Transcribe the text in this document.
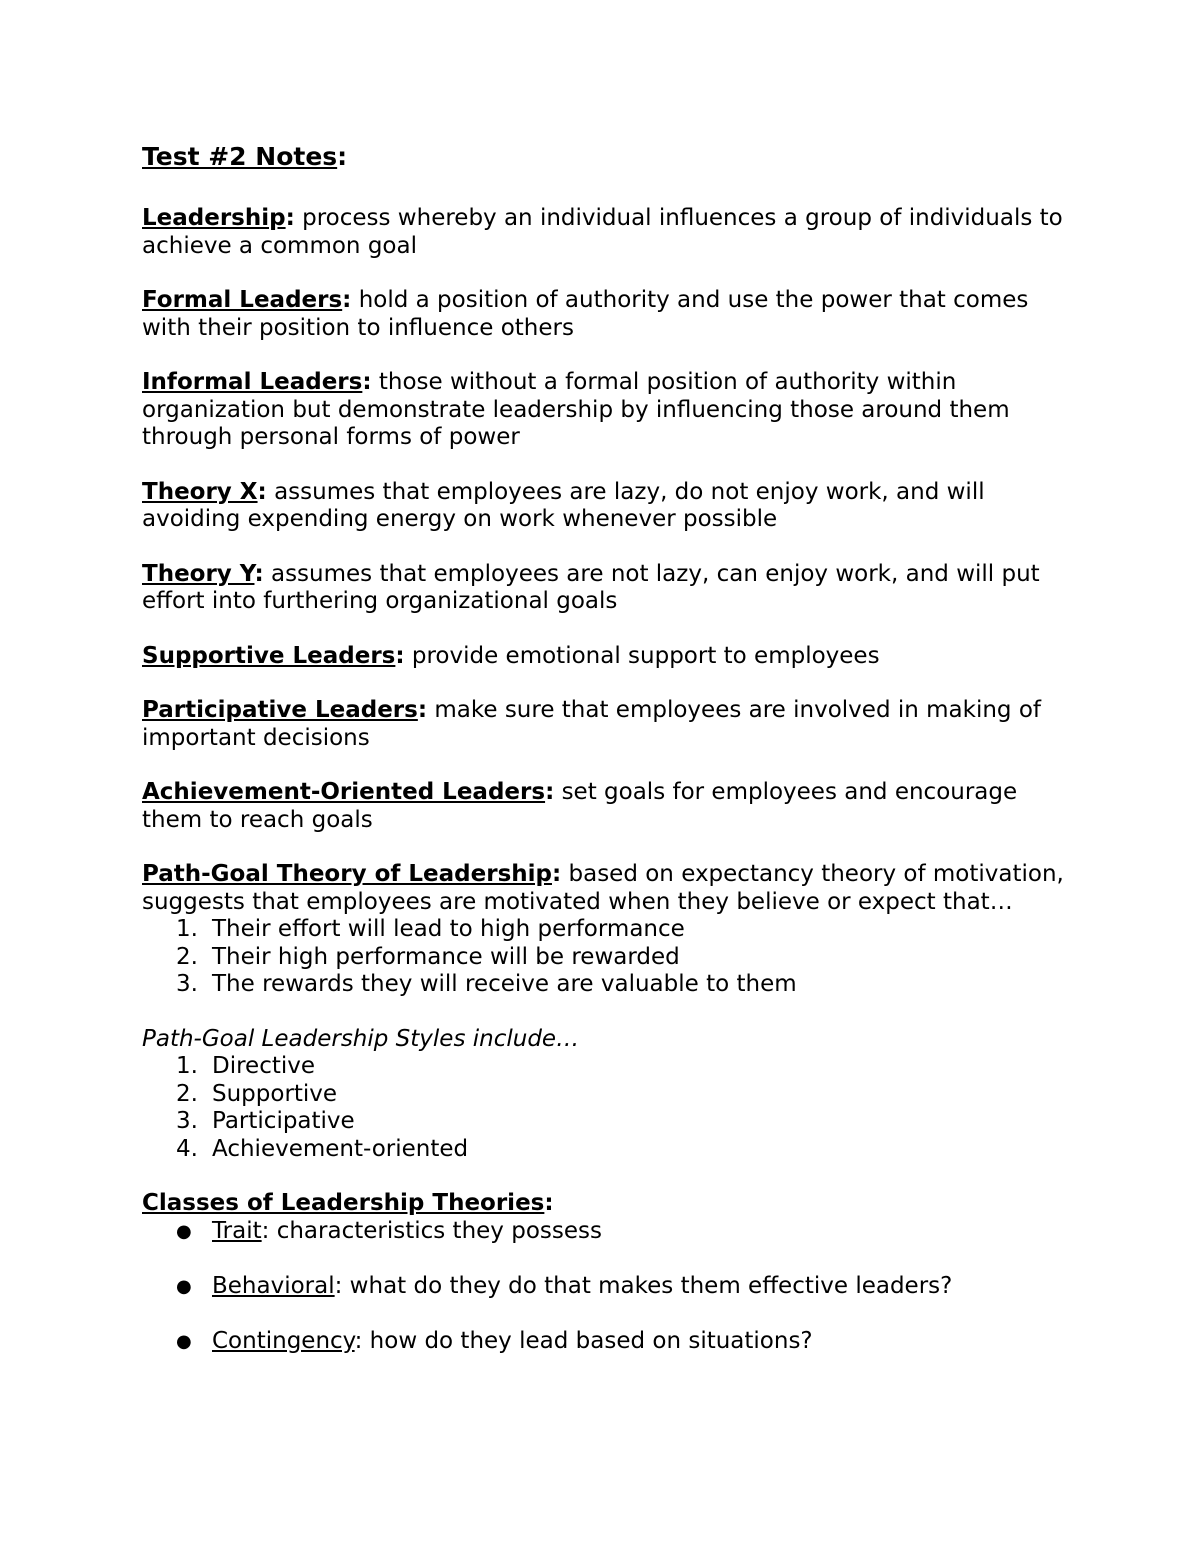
Test #2 Notes:
Leadership: process whereby an individual influences a group of individuals to achieve a common goal
Formal Leaders: hold a position of authority and use the power that comes with their position to influence others
Informal Leaders: those without a formal position of authority within organization but demonstrate leadership by influencing those around them through personal forms of power
Theory X: assumes that employees are lazy, do not enjoy work, and will avoiding expending energy on work whenever possible
Theory Y: assumes that employees are not lazy, can enjoy work, and will put effort into furthering organizational goals
Supportive Leaders: provide emotional support to employees
Participative Leaders: make sure that employees are involved in making of important decisions
Achievement-Oriented Leaders: set goals for employees and encourage them to reach goals
Path-Goal Theory of Leadership: based on expectancy theory of motivation, suggests that employees are motivated when they believe or expect that…
1. Their effort will lead to high performance
2. Their high performance will be rewarded
3. The rewards they will receive are valuable to them
Path-Goal Leadership Styles include…
1. Directive
2. Supportive
3. Participative
4. Achievement-oriented
Classes of Leadership Theories:
● Trait: characteristics they possess
● Behavioral: what do they do that makes them effective leaders?
● Contingency: how do they lead based on situations?
